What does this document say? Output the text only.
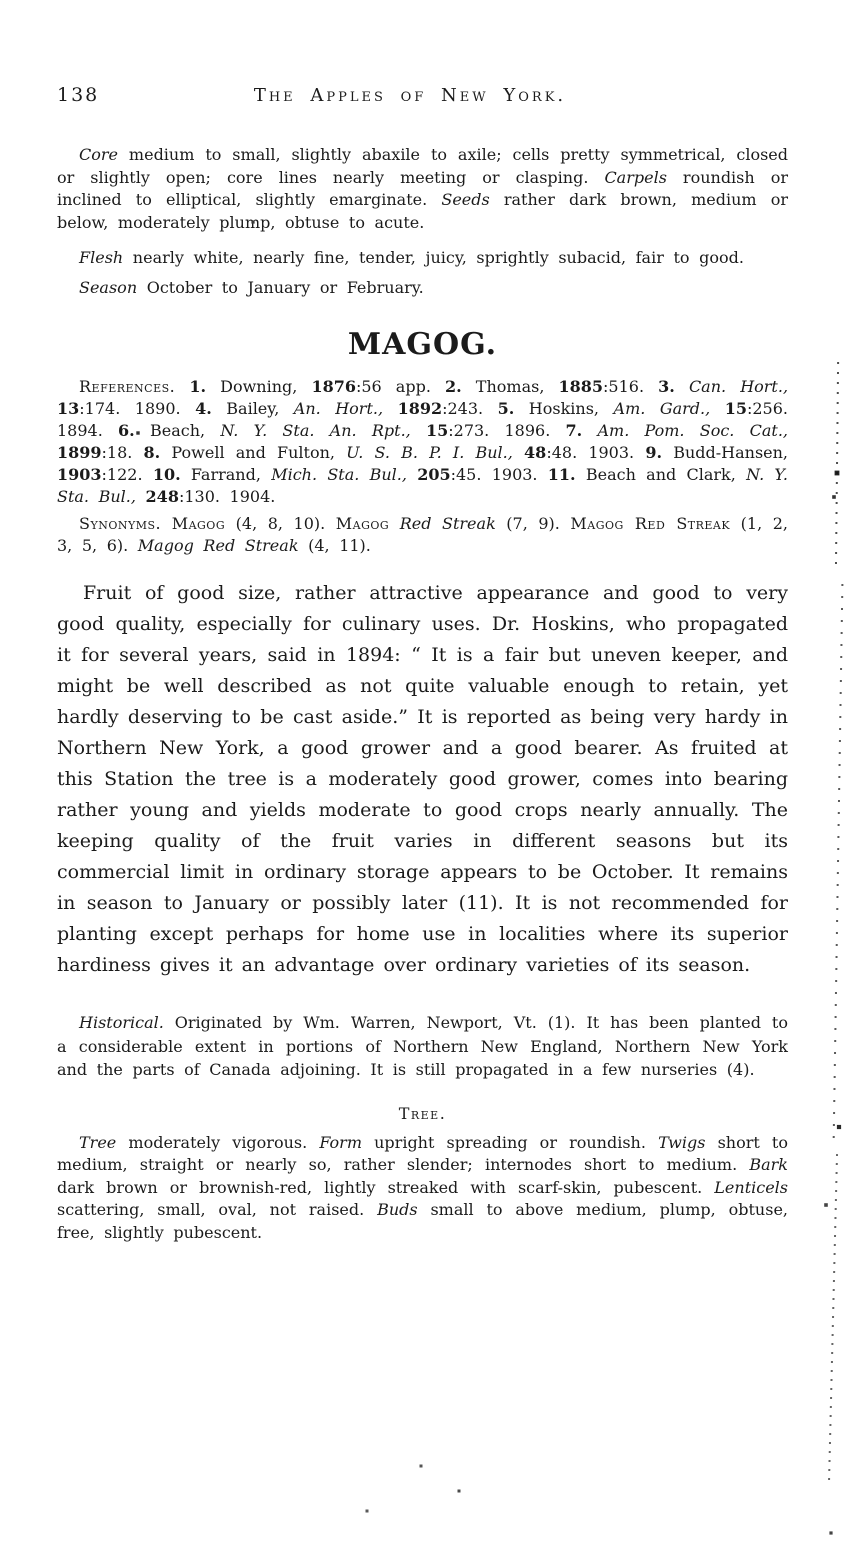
138	The Apples of New York.

Core medium to small, slightly abaxile to axile; cells pretty symmetrical, closed or slightly open; core lines nearly meeting or clasping. Carpels roundish or inclined to elliptical, slightly emarginate. Seeds rather dark brown, medium or below, moderately plump, obtuse to acute.

Flesh nearly white, nearly fine, tender, juicy, sprightly subacid, fair to good.

Season October to January or February.

MAGOG.

References. 1. Downing, 1876:56 app. 2. Thomas, 1885:516. 3. Can. Hort., 13:174. 1890. 4. Bailey, An. Hort., 1892:243. 5. Hoskins, Am. Gard., 15:256. 1894. 6. Beach, N. Y. Sta. An. Rpt., 15:273. 1896. 7. Am. Pom. Soc. Cat., 1899:18. 8. Powell and Fulton, U. S. B. P. I. Bul., 48:48. 1903. 9. Budd-Hansen, 1903:122. 10. Farrand, Mich. Sta. Bul., 205:45. 1903. 11. Beach and Clark, N. Y. Sta. Bul., 248:130. 1904.

Synonyms. Magog (4, 8, 10). Magog Red Streak (7, 9). Magog Red Streak (1, 2, 3, 5, 6). Magog Red Streak (4, 11).

Fruit of good size, rather attractive appearance and good to very good quality, especially for culinary uses. Dr. Hoskins, who propagated it for several years, said in 1894: “ It is a fair but uneven keeper, and might be well described as not quite valuable enough to retain, yet hardly deserving to be cast aside.” It is reported as being very hardy in Northern New York, a good grower and a good bearer. As fruited at this Station the tree is a moderately good grower, comes into bearing rather young and yields moderate to good crops nearly annually. The keeping quality of the fruit varies in different seasons but its commercial limit in ordinary storage appears to be October. It remains in season to January or possibly later (11). It is not recommended for planting except perhaps for home use in localities where its superior hardiness gives it an advantage over ordinary varieties of its season.

Historical. Originated by Wm. Warren, Newport, Vt. (1). It has been planted to a considerable extent in portions of Northern New England, Northern New York and the parts of Canada adjoining. It is still propagated in a few nurseries (4).

Tree.

Tree moderately vigorous. Form upright spreading or roundish. Twigs short to medium, straight or nearly so, rather slender; internodes short to medium. Bark dark brown or brownish-red, lightly streaked with scarf-skin, pubescent. Lenticels scattering, small, oval, not raised. Buds small to above medium, plump, obtuse, free, slightly pubescent.
